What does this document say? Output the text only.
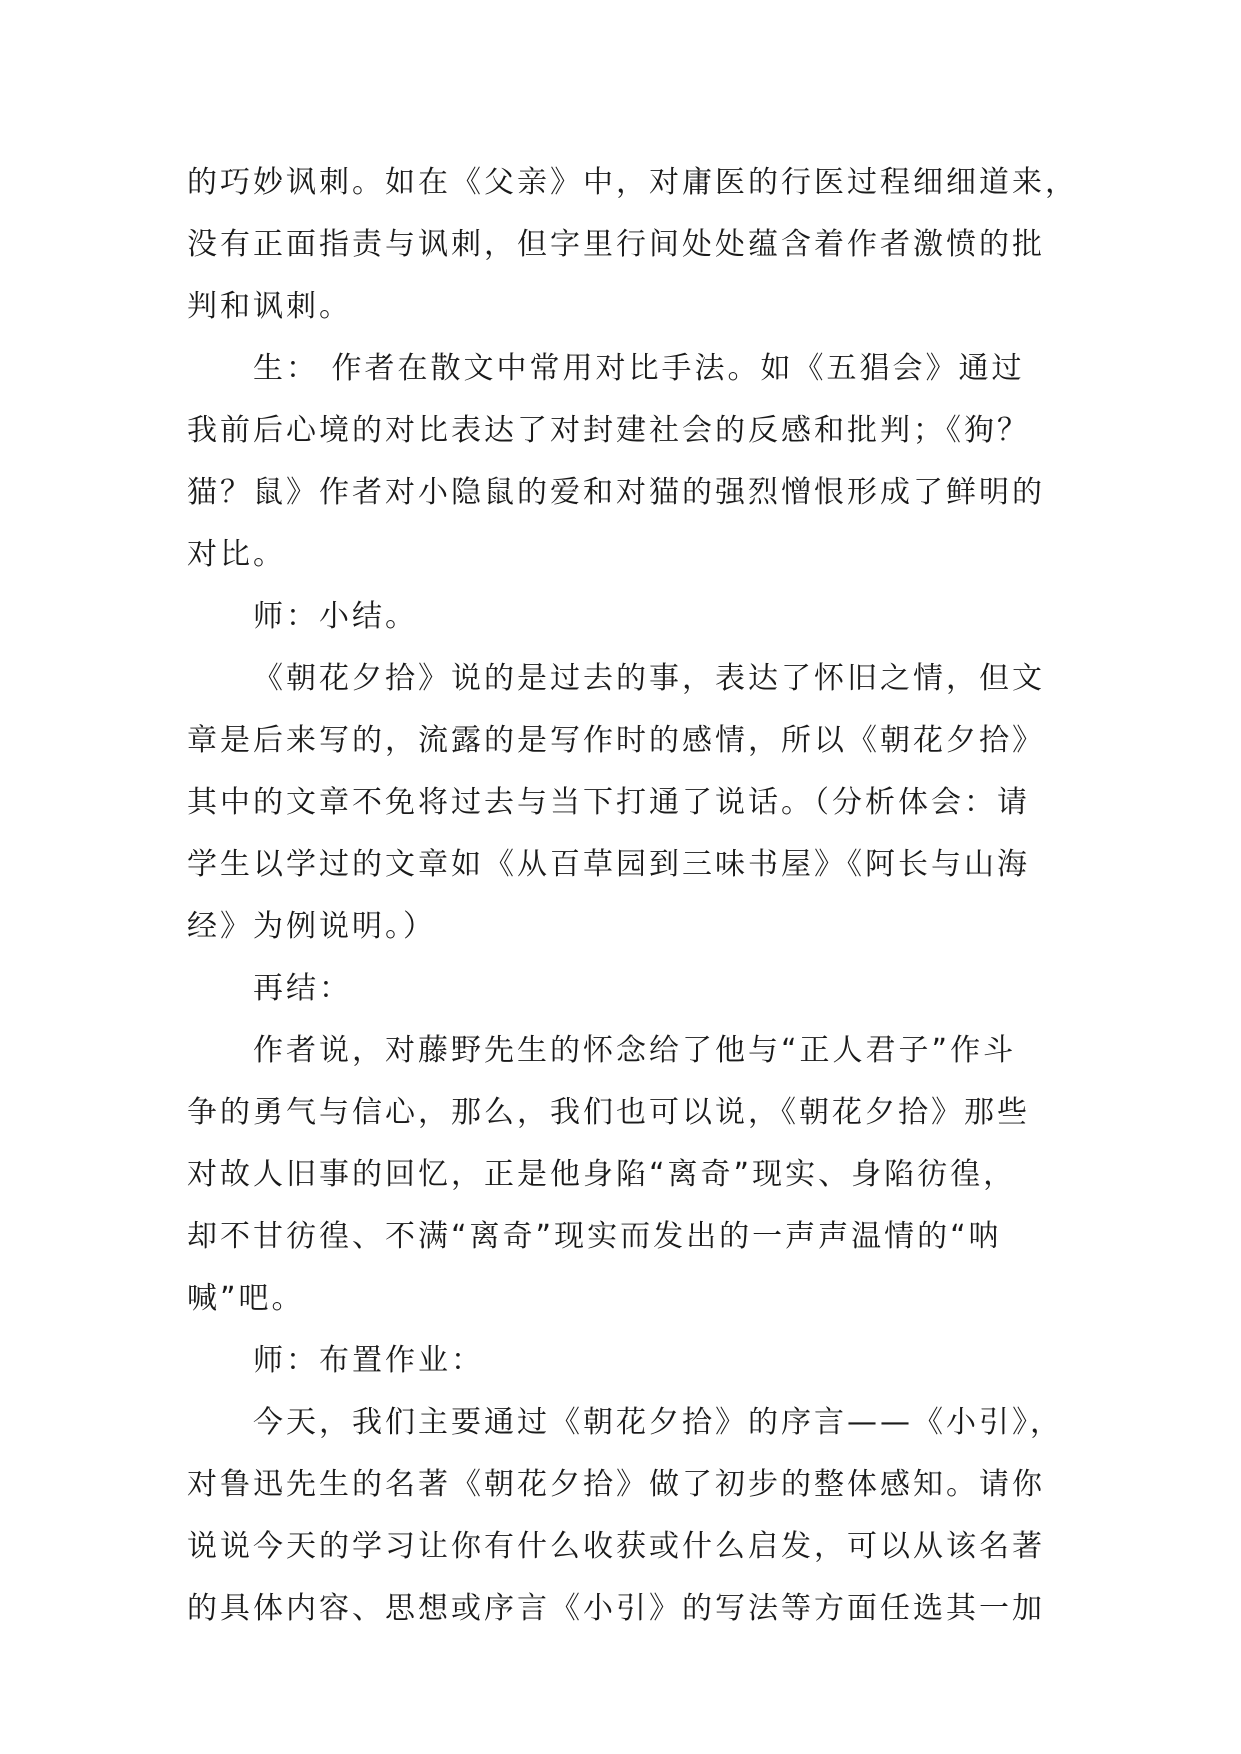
的巧妙讽刺。如在《父亲》中，对庸医的行医过程细细道来，
没有正面指责与讽刺，但字里行间处处蕴含着作者激愤的批
判和讽刺。
生： 作者在散文中常用对比手法。如《五猖会》通过
我前后心境的对比表达了对封建社会的反感和批判；《狗？
猫？鼠》作者对小隐鼠的爱和对猫的强烈憎恨形成了鲜明的
对比。
师：小结。
《朝花夕拾》说的是过去的事，表达了怀旧之情，但文
章是后来写的，流露的是写作时的感情，所以《朝花夕拾》
其中的文章不免将过去与当下打通了说话。（分析体会：请
学生以学过的文章如《从百草园到三味书屋》《阿长与山海
经》为例说明。）
再结：
作者说，对藤野先生的怀念给了他与“正人君子”作斗
争的勇气与信心，那么，我们也可以说，《朝花夕拾》那些
对故人旧事的回忆，正是他身陷“离奇”现实、身陷彷徨，
却不甘彷徨、不满“离奇”现实而发出的一声声温情的“呐
喊”吧。
师：布置作业：
今天，我们主要通过《朝花夕拾》的序言——《小引》，
对鲁迅先生的名著《朝花夕拾》做了初步的整体感知。请你
说说今天的学习让你有什么收获或什么启发，可以从该名著
的具体内容、思想或序言《小引》的写法等方面任选其一加
